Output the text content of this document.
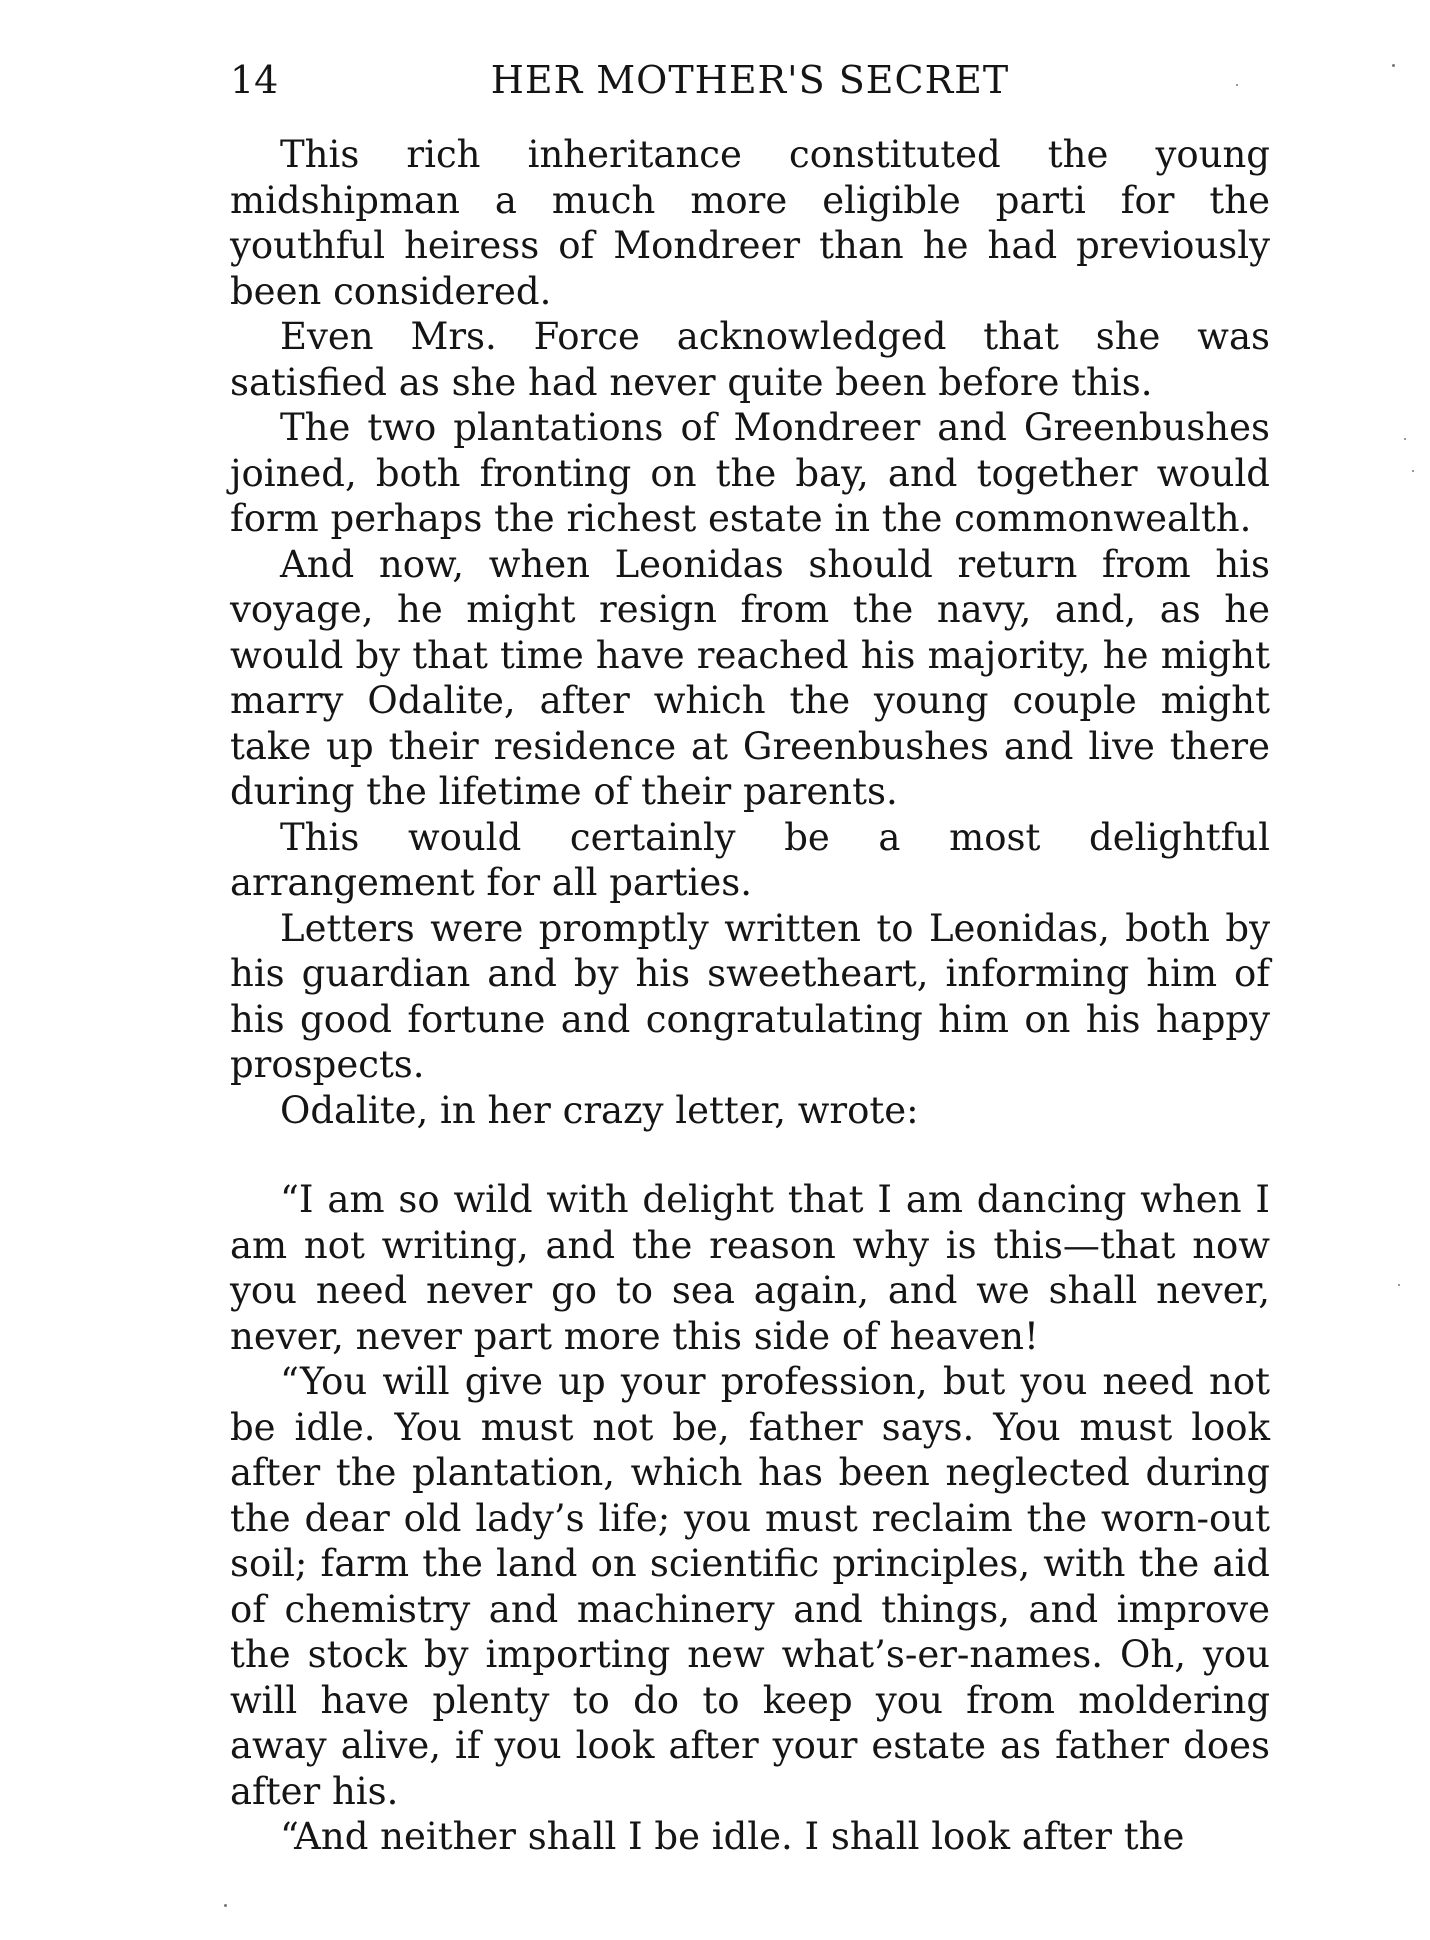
14	HER MOTHER'S SECRET

This rich inheritance constituted the young midshipman a much more eligible parti for the youthful heiress of Mondreer than he had previously been considered.

Even Mrs. Force acknowledged that she was satisfied as she had never quite been before this.

The two plantations of Mondreer and Greenbushes joined, both fronting on the bay, and together would form perhaps the richest estate in the commonwealth.

And now, when Leonidas should return from his voyage, he might resign from the navy, and, as he would by that time have reached his majority, he might marry Odalite, after which the young couple might take up their residence at Greenbushes and live there during the lifetime of their parents.

This would certainly be a most delightful arrangement for all parties.

Letters were promptly written to Leonidas, both by his guardian and by his sweetheart, informing him of his good fortune and congratulating him on his happy prospects.

Odalite, in her crazy letter, wrote:

“I am so wild with delight that I am dancing when I am not writing, and the reason why is this—that now you need never go to sea again, and we shall never, never, never part more this side of heaven!

“You will give up your profession, but you need not be idle. You must not be, father says. You must look after the plantation, which has been neglected during the dear old lady’s life; you must reclaim the worn-out soil; farm the land on scientific principles, with the aid of chemistry and machinery and things, and improve the stock by importing new what’s-er-names. Oh, you will have plenty to do to keep you from moldering away alive, if you look after your estate as father does after his.

“And neither shall I be idle. I shall look after the
